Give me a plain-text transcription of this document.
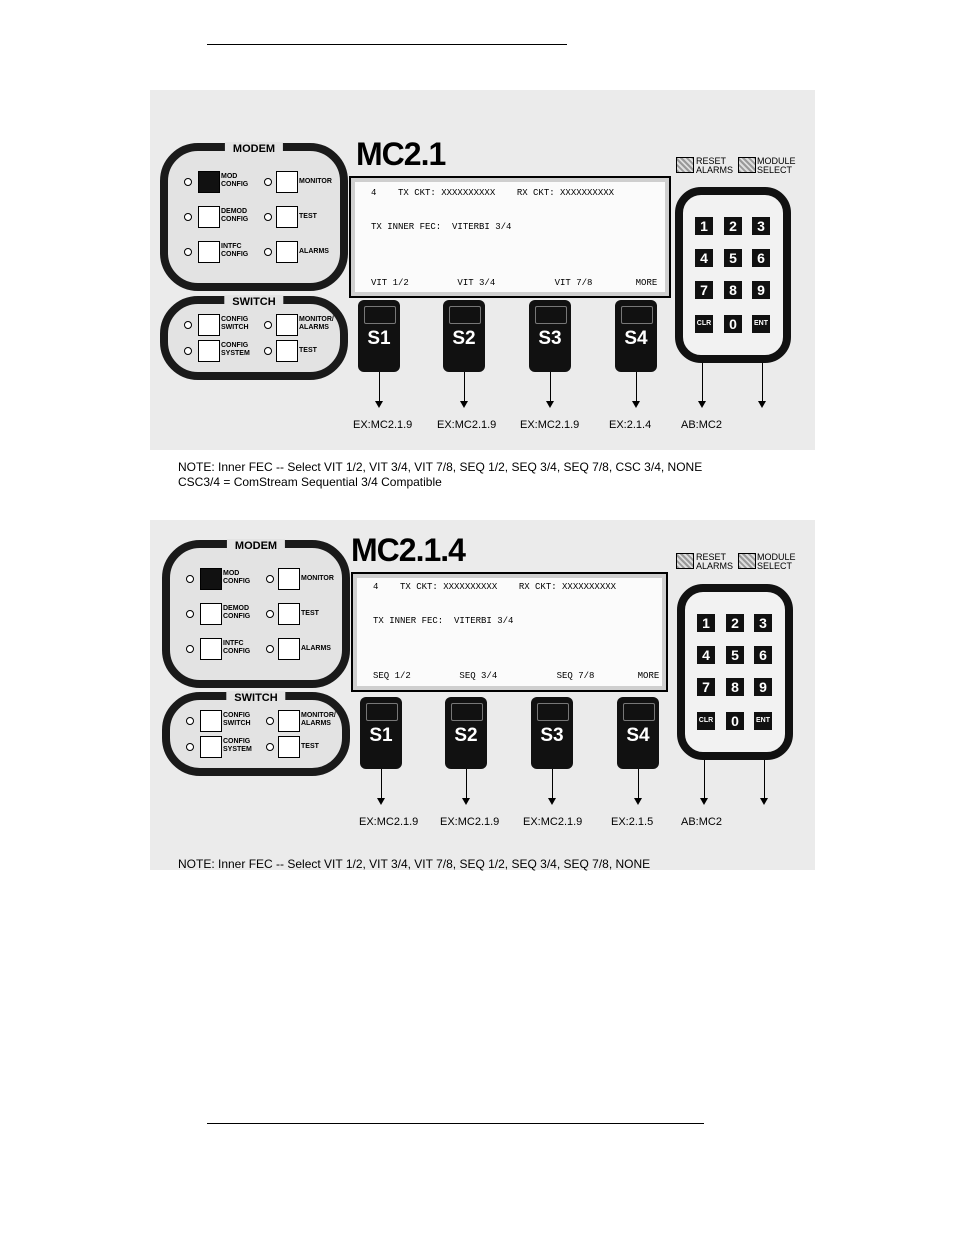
MODEM
MOD
CONFIG	MONITOR
DEMOD
CONFIG	TEST
INTFC
CONFIG	ALARMS
SWITCH
CONFIG
SWITCH
MONITOR/
ALARMS
CONFIG
SYSTEM	TEST
MC2.1
4    TX CKT: XXXXXXXXXX    RX CKT: XXXXXXXXXX
TX INNER FEC:  VITERBI 3/4
VIT 1/2         VIT 3/4           VIT 7/8        MORE
S1	S2	S3	S4
EX:MC2.1.9 EX:MC2.1.9 EX:MC2.1.9	EX:2.1.4	AB:MC2
RESET
ALARMS
MODULE
SELECT
1	2	3
4	5	6
7	8	9
CLR	0	ENT
NOTE: Inner FEC -- Select VIT 1/2, VIT 3/4, VIT 7/8, SEQ 1/2, SEQ 3/4, SEQ 7/8, CSC 3/4, NONE
CSC3/4 = ComStream Sequential 3/4 Compatible
MODEM
MOD
CONFIG	MONITOR
DEMOD
CONFIG	TEST
INTFC
CONFIG	ALARMS
SWITCH
CONFIG
SWITCH
MONITOR/
ALARMS
CONFIG
SYSTEM	TEST
MC2.1.4
4    TX CKT: XXXXXXXXXX    RX CKT: XXXXXXXXXX
TX INNER FEC:  VITERBI 3/4
SEQ 1/2         SEQ 3/4           SEQ 7/8        MORE
S1	S2	S3	S4
EX:MC2.1.9 EX:MC2.1.9 EX:MC2.1.9	EX:2.1.5	AB:MC2
RESET
ALARMS
MODULE
SELECT
1	2	3
4	5	6
7	8	9
CLR	0	ENT
NOTE: Inner FEC -- Select VIT 1/2, VIT 3/4, VIT 7/8, SEQ 1/2, SEQ 3/4, SEQ 7/8, NONE
